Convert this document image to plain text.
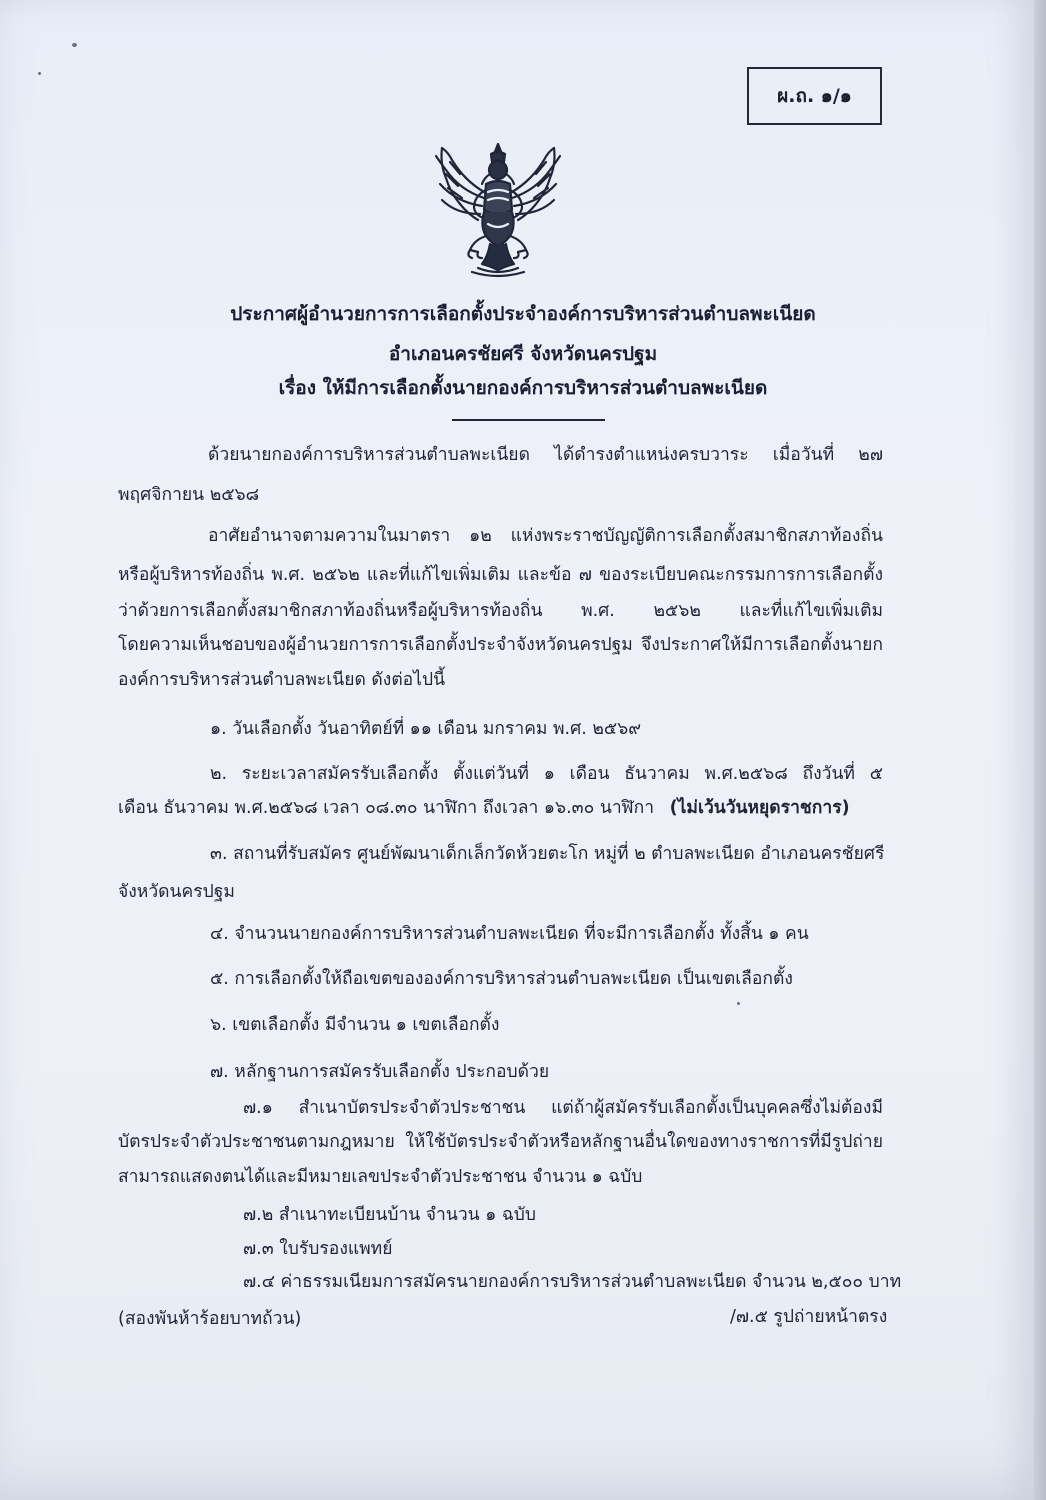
ผ.ถ. ๑/๑
ประกาศผู้อำนวยการการเลือกตั้งประจำองค์การบริหารส่วนตำบลพะเนียด
อำเภอนครชัยศรี จังหวัดนครปฐม
เรื่อง ให้มีการเลือกตั้งนายกองค์การบริหารส่วนตำบลพะเนียด
ด้วยนายกองค์การบริหารส่วนตำบลพะเนียด ได้ดำรงตำแหน่งครบวาระ เมื่อวันที่ ๒๗
พฤศจิกายน ๒๕๖๘
อาศัยอำนาจตามความในมาตรา ๑๒ แห่งพระราชบัญญัติการเลือกตั้งสมาชิกสภาท้องถิ่น
หรือผู้บริหารท้องถิ่น พ.ศ. ๒๕๖๒ และที่แก้ไขเพิ่มเติม และข้อ ๗ ของระเบียบคณะกรรมการการเลือกตั้ง
ว่าด้วยการเลือกตั้งสมาชิกสภาท้องถิ่นหรือผู้บริหารท้องถิ่น พ.ศ. ๒๕๖๒ และที่แก้ไขเพิ่มเติม
โดยความเห็นชอบของผู้อำนวยการการเลือกตั้งประจำจังหวัดนครปฐม จึงประกาศให้มีการเลือกตั้งนายก
องค์การบริหารส่วนตำบลพะเนียด ดังต่อไปนี้
๑. วันเลือกตั้ง วันอาทิตย์ที่ ๑๑ เดือน มกราคม พ.ศ. ๒๕๖๙
๒. ระยะเวลาสมัครรับเลือกตั้ง ตั้งแต่วันที่ ๑ เดือน ธันวาคม พ.ศ.๒๕๖๘ ถึงวันที่ ๕
เดือน ธันวาคม พ.ศ.๒๕๖๘ เวลา ๐๘.๓๐ นาฬิกา ถึงเวลา ๑๖.๓๐ นาฬิกา (ไม่เว้นวันหยุดราชการ)
๓. สถานที่รับสมัคร ศูนย์พัฒนาเด็กเล็กวัดห้วยตะโก หมู่ที่ ๒ ตำบลพะเนียด อำเภอนครชัยศรี
จังหวัดนครปฐม
๔. จำนวนนายกองค์การบริหารส่วนตำบลพะเนียด ที่จะมีการเลือกตั้ง ทั้งสิ้น ๑ คน
๕. การเลือกตั้งให้ถือเขตขององค์การบริหารส่วนตำบลพะเนียด เป็นเขตเลือกตั้ง
๖. เขตเลือกตั้ง มีจำนวน ๑ เขตเลือกตั้ง
๗. หลักฐานการสมัครรับเลือกตั้ง ประกอบด้วย
๗.๑ สำเนาบัตรประจำตัวประชาชน แต่ถ้าผู้สมัครรับเลือกตั้งเป็นบุคคลซึ่งไม่ต้องมี
บัตรประจำตัวประชาชนตามกฎหมาย ให้ใช้บัตรประจำตัวหรือหลักฐานอื่นใดของทางราชการที่มีรูปถ่าย
สามารถแสดงตนได้และมีหมายเลขประจำตัวประชาชน จำนวน ๑ ฉบับ
๗.๒ สำเนาทะเบียนบ้าน จำนวน ๑ ฉบับ
๗.๓ ใบรับรองแพทย์
๗.๔ ค่าธรรมเนียมการสมัครนายกองค์การบริหารส่วนตำบลพะเนียด จำนวน ๒,๕๐๐ บาท
(สองพันห้าร้อยบาทถ้วน)	/๗.๕ รูปถ่ายหน้าตรง
